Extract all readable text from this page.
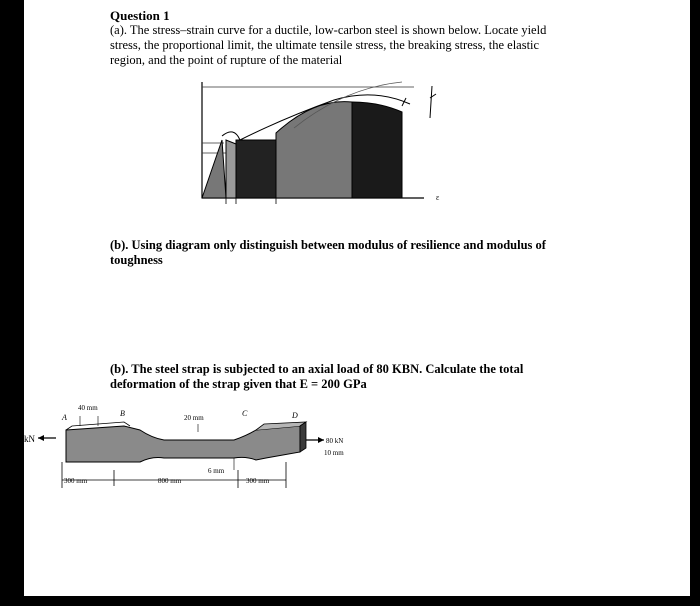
Question 1
(a). The stress–strain curve for a ductile, low-carbon steel is shown below. Locate yield
stress, the proportional limit, the ultimate tensile stress, the breaking stress, the elastic
region, and the point of rupture of the material
ε
(b). Using diagram only distinguish between modulus of resilience and modulus of
toughness
(b). The steel strap is subjected to an axial load of 80 KBN. Calculate the total
deformation of the strap given that E = 200 GPa
kN	80 kN
10 mm
A	B	C	D
40 mm
20 mm
6 mm
300 mm	800 mm	300 mm
